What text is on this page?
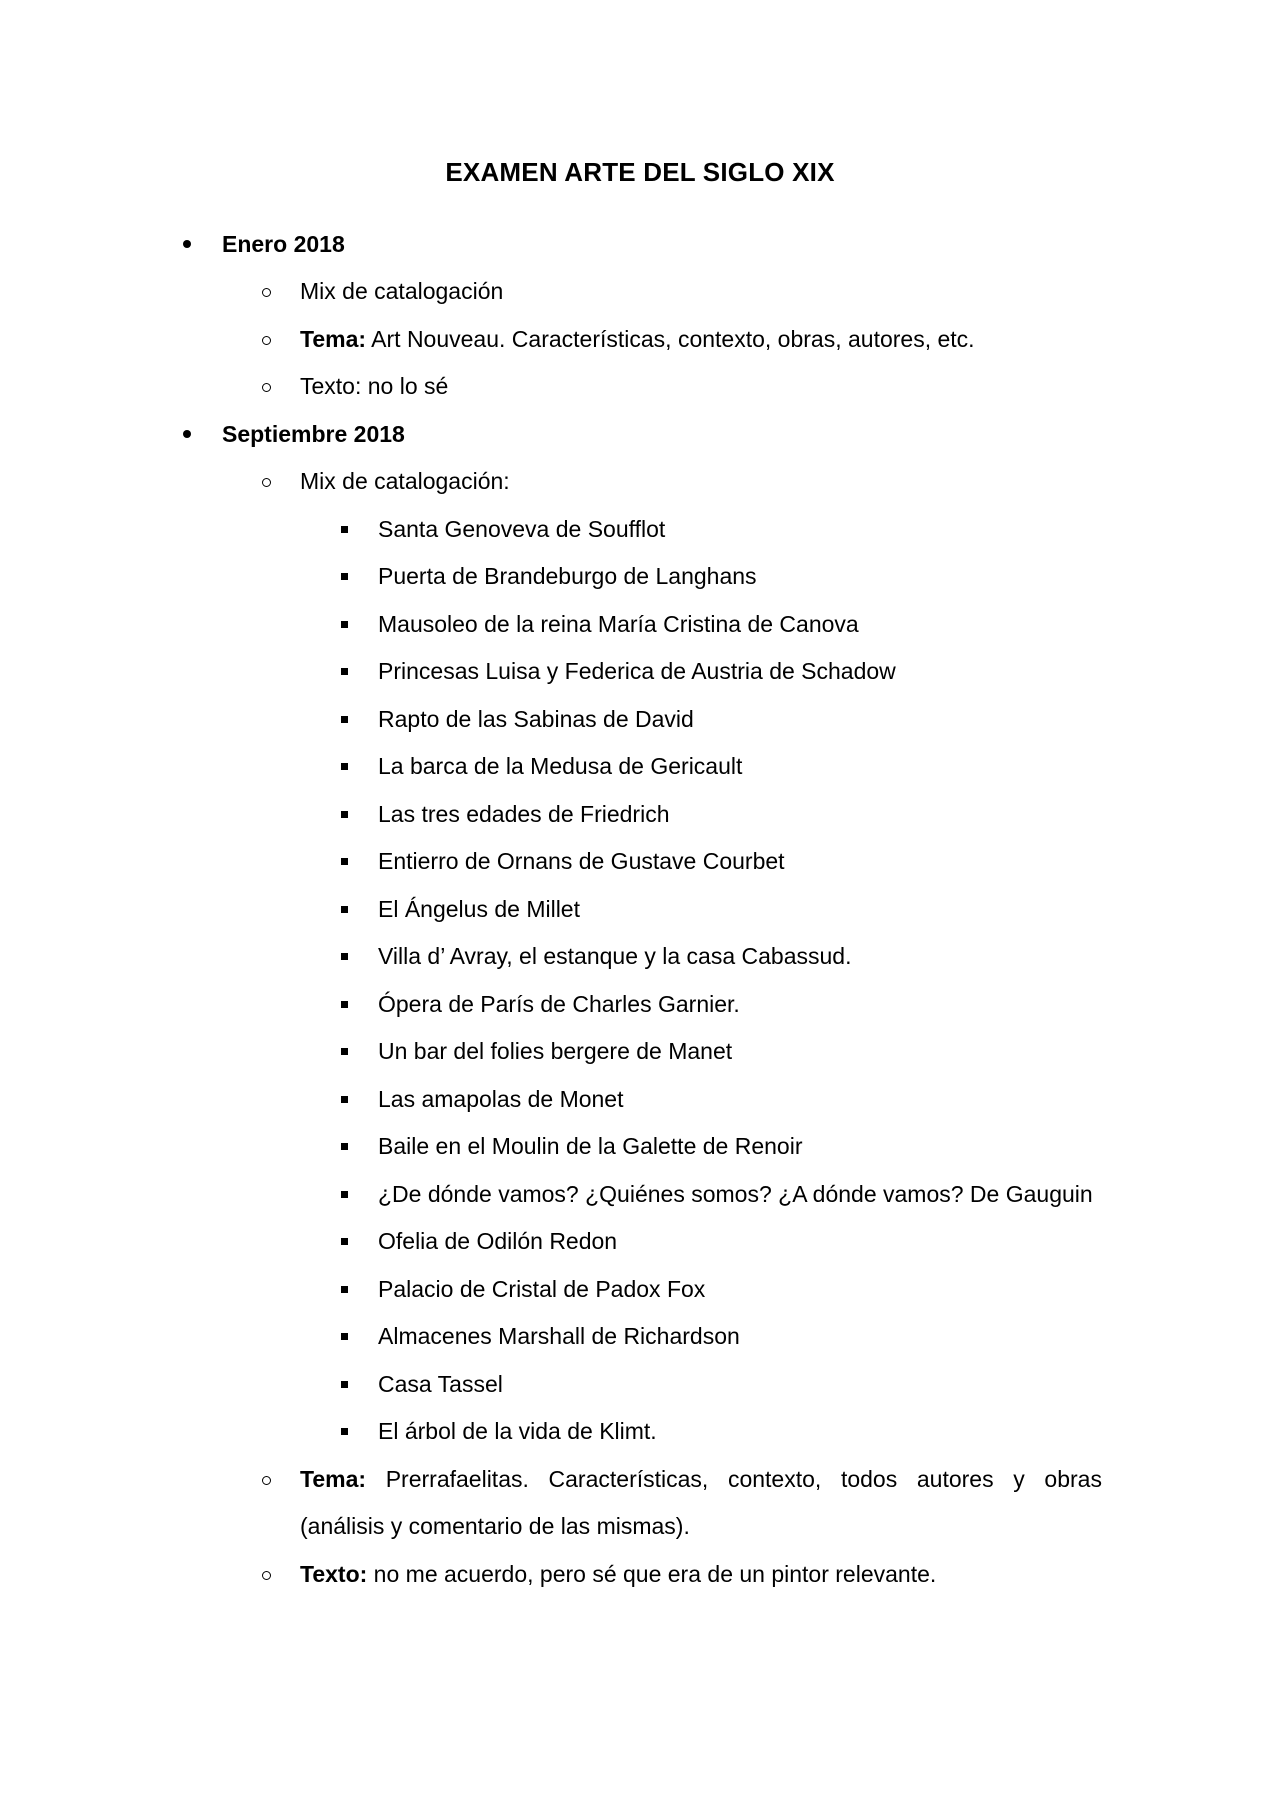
EXAMEN ARTE DEL SIGLO XIX
Enero 2018
Mix de catalogación
Tema: Art Nouveau. Características, contexto, obras, autores, etc.
Texto: no lo sé
Septiembre 2018
Mix de catalogación:
Santa Genoveva de Soufflot
Puerta de Brandeburgo de Langhans
Mausoleo de la reina María Cristina de Canova
Princesas Luisa y Federica de Austria de Schadow
Rapto de las Sabinas de David
La barca de la Medusa de Gericault
Las tres edades de Friedrich
Entierro de Ornans de Gustave Courbet
El Ángelus de Millet
Villa d’ Avray, el estanque y la casa Cabassud.
Ópera de París de Charles Garnier.
Un bar del folies bergere de Manet
Las amapolas de Monet
Baile en el Moulin de la Galette de Renoir
¿De dónde vamos? ¿Quiénes somos? ¿A dónde vamos? De Gauguin
Ofelia de Odilón Redon
Palacio de Cristal de Padox Fox
Almacenes Marshall de Richardson
Casa Tassel
El árbol de la vida de Klimt.
Tema: Prerrafaelitas. Características, contexto, todos autores y obras
(análisis y comentario de las mismas).
Texto: no me acuerdo, pero sé que era de un pintor relevante.
